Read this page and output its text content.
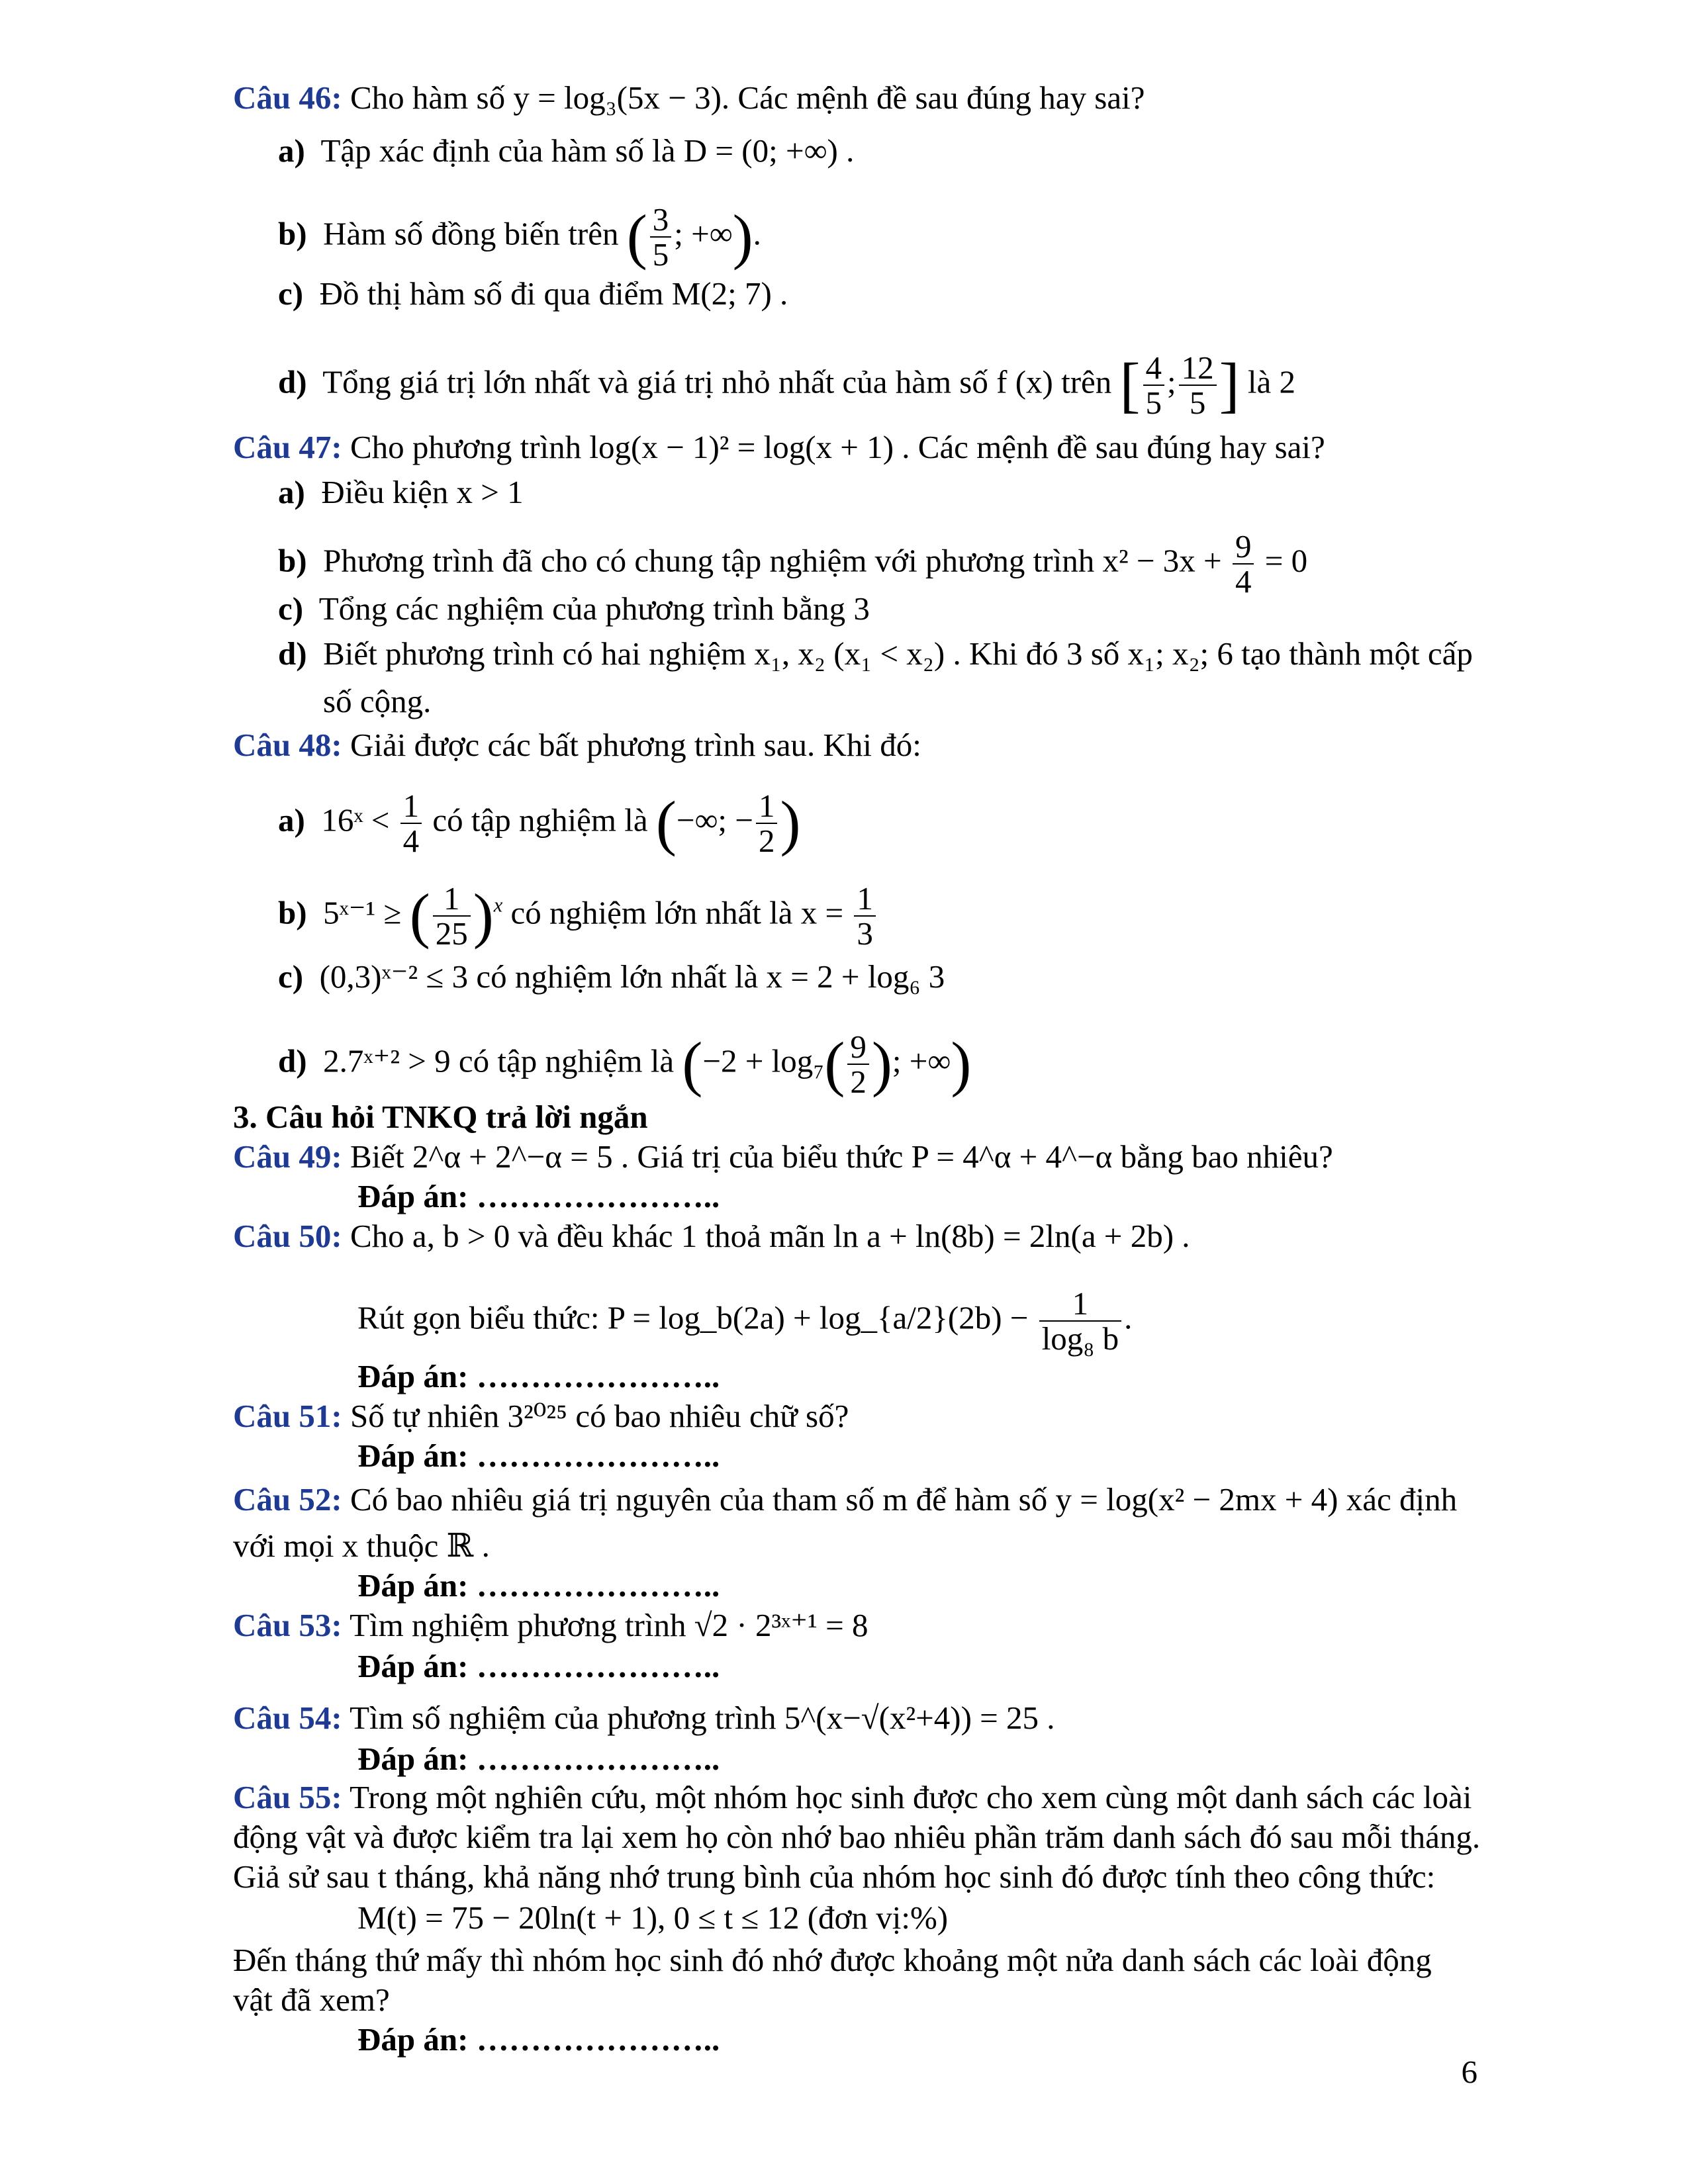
Câu 46: Cho hàm số y = log₃(5x − 3). Các mệnh đề sau đúng hay sai?
a) Tập xác định của hàm số là D = (0; +∞) .
b) Hàm số đồng biến trên ( $\frac{3}{5}$ ; +∞).
c) Đồ thị hàm số đi qua điểm M(2; 7) .
d) Tổng giá trị lớn nhất và giá trị nhỏ nhất của hàm số f (x) trên [ $\frac{4}{5}$ ; $\frac{12}{5}$ ] là 2
Câu 47: Cho phương trình log(x − 1)² = log(x + 1) . Các mệnh đề sau đúng hay sai?
a) Điều kiện x > 1
b) Phương trình đã cho có chung tập nghiệm với phương trình $x^2 - 3x + \frac{9}{4} = 0$
c) Tổng các nghiệm của phương trình bằng 3
d) Biết phương trình có hai nghiệm x₁, x₂ (x₁ < x₂) . Khi đó 3 số x₁; x₂; 6 tạo thành một cấp
số cộng.
Câu 48: Giải được các bất phương trình sau. Khi đó:
a) 16ˣ < $\frac{1}{4}$ có tập nghiệm là (−∞; − $\frac{1}{2}$ )
b) 5ˣ⁻¹ ≥ ( $\frac{1}{25} )^x$ có nghiệm lớn nhất là $x = \frac{1}{3}$
c) (0,3)ˣ⁻² ≤ 3 có nghiệm lớn nhất là x = 2 + log₆ 3
d) 2.7ˣ⁺² > 9 có tập nghiệm là ($-2 + \log_7( \frac{9}{2}$ ); +∞)
3. Câu hỏi TNKQ trả lời ngắn
Câu 49: Biết 2^α + 2^−α = 5 . Giá trị của biểu thức P = 4^α + 4^−α bằng bao nhiêu?
Đáp án: …………………..
Câu 50: Cho a, b > 0 và đều khác 1 thoả mãn ln a + ln(8b) = 2ln(a + 2b) .
Rút gọn biểu thức: P = log_b(2a) + log_{a/2}(2b) − $\frac{1}{\text{log₈ b}}$ .
Đáp án: …………………..
Câu 51: Số tự nhiên 3²⁰²⁵ có bao nhiêu chữ số?
Đáp án: …………………..
Câu 52: Có bao nhiêu giá trị nguyên của tham số m để hàm số y = log(x² − 2mx + 4) xác định
với mọi x thuộc ℝ .
Đáp án: …………………..
Câu 53: Tìm nghiệm phương trình √2 · 2³ˣ⁺¹ = 8
Đáp án: …………………..
Câu 54: Tìm số nghiệm của phương trình 5^(x−√(x²+4)) = 25 .
Đáp án: …………………..
Câu 55: Trong một nghiên cứu, một nhóm học sinh được cho xem cùng một danh sách các loài
động vật và được kiểm tra lại xem họ còn nhớ bao nhiêu phần trăm danh sách đó sau mỗi tháng.
Giả sử sau t tháng, khả năng nhớ trung bình của nhóm học sinh đó được tính theo công thức:
M(t) = 75 − 20ln(t + 1), 0 ≤ t ≤ 12 (đơn vị:%)
Đến tháng thứ mấy thì nhóm học sinh đó nhớ được khoảng một nửa danh sách các loài động
vật đã xem?
Đáp án: …………………..
6
